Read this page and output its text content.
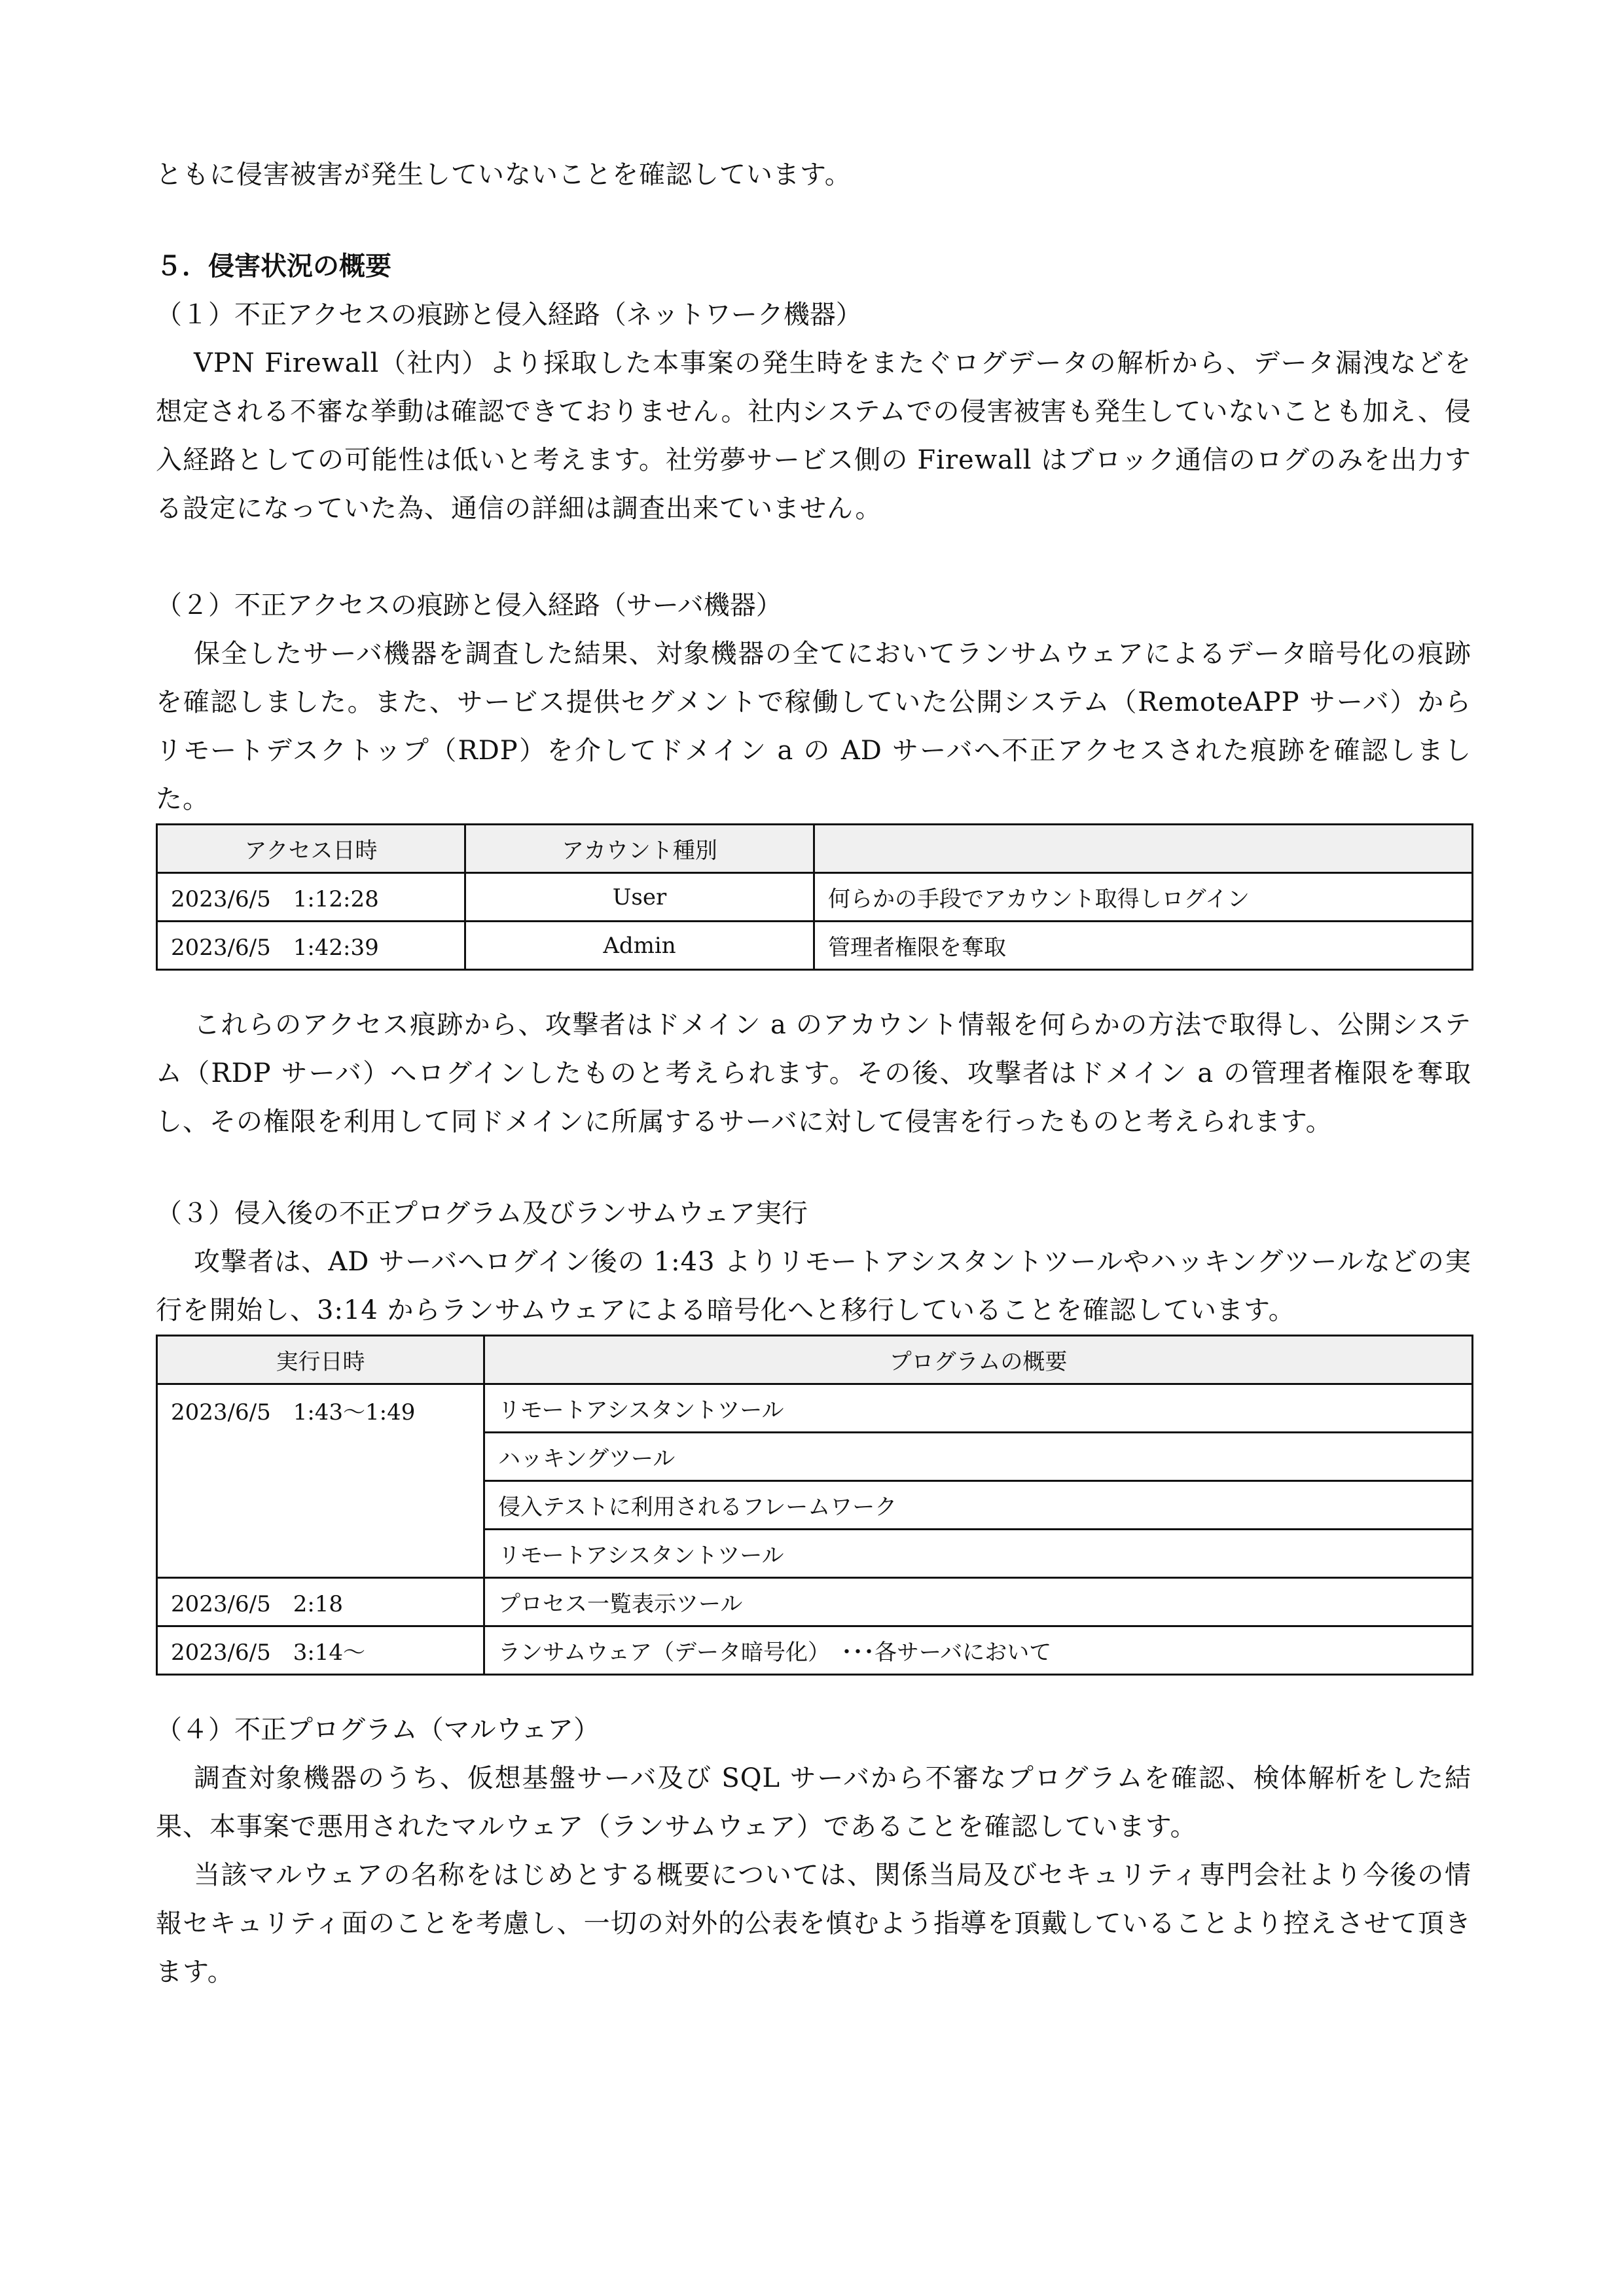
ともに侵害被害が発生していないことを確認しています。

５．侵害状況の概要

（１）不正アクセスの痕跡と侵入経路（ネットワーク機器）

VPN Firewall（社内）より採取した本事案の発生時をまたぐログデータの解析から、データ漏洩などを想定される不審な挙動は確認できておりません。社内システムでの侵害被害も発生していないことも加え、侵入経路としての可能性は低いと考えます。社労夢サービス側の Firewall はブロック通信のログのみを出力する設定になっていた為、通信の詳細は調査出来ていません。

（２）不正アクセスの痕跡と侵入経路（サーバ機器）

保全したサーバ機器を調査した結果、対象機器の全てにおいてランサムウェアによるデータ暗号化の痕跡を確認しました。また、サービス提供セグメントで稼働していた公開システム（RemoteAPP サーバ）からリモートデスクトップ（RDP）を介してドメイン a の AD サーバへ不正アクセスされた痕跡を確認しました。

アクセス日時	アカウント種別	
2023/6/5　1:12:28	User	何らかの手段でアカウント取得しログイン
2023/6/5　1:42:39	Admin	管理者権限を奪取

これらのアクセス痕跡から、攻撃者はドメイン a のアカウント情報を何らかの方法で取得し、公開システム（RDP サーバ）へログインしたものと考えられます。その後、攻撃者はドメイン a の管理者権限を奪取し、その権限を利用して同ドメインに所属するサーバに対して侵害を行ったものと考えられます。

（３）侵入後の不正プログラム及びランサムウェア実行

攻撃者は、AD サーバへログイン後の 1:43 よりリモートアシスタントツールやハッキングツールなどの実行を開始し、3:14 からランサムウェアによる暗号化へと移行していることを確認しています。

実行日時	プログラムの概要
2023/6/5　1:43～1:49	リモートアシスタントツール
	ハッキングツール
	侵入テストに利用されるフレームワーク
	リモートアシスタントツール
2023/6/5　2:18	プロセス一覧表示ツール
2023/6/5　3:14～	ランサムウェア（データ暗号化）　･･･各サーバにおいて

（４）不正プログラム（マルウェア）

調査対象機器のうち、仮想基盤サーバ及び SQL サーバから不審なプログラムを確認、検体解析をした結果、本事案で悪用されたマルウェア（ランサムウェア）であることを確認しています。

当該マルウェアの名称をはじめとする概要については、関係当局及びセキュリティ専門会社より今後の情報セキュリティ面のことを考慮し、一切の対外的公表を慎むよう指導を頂戴していることより控えさせて頂きます。
